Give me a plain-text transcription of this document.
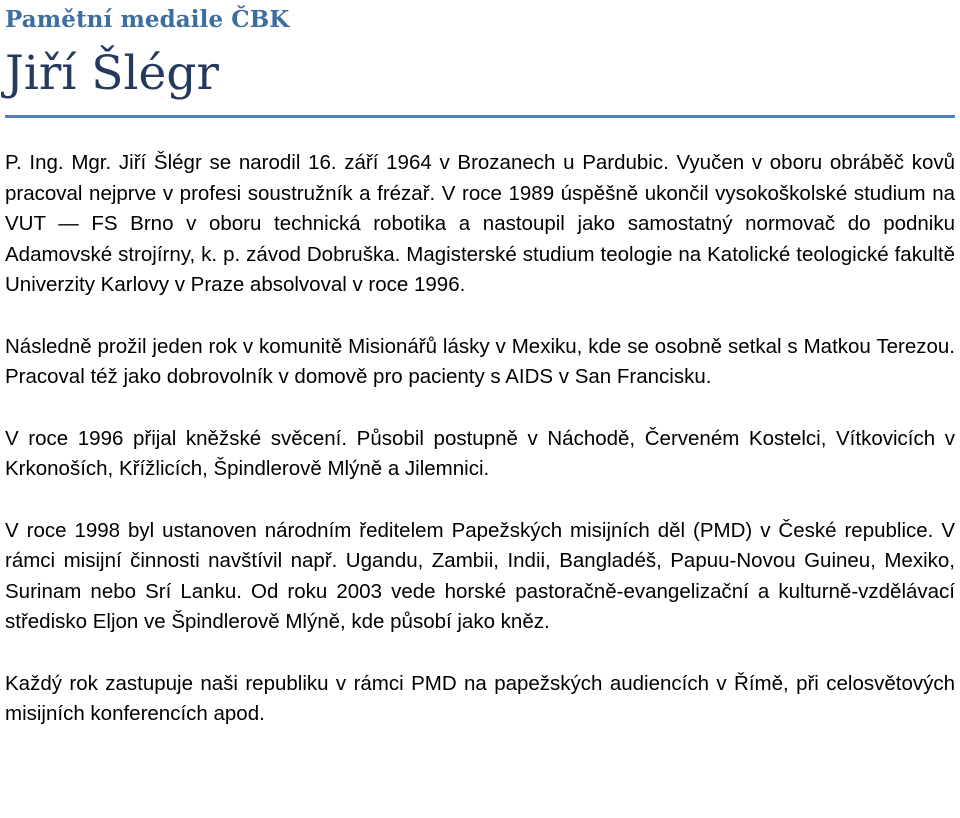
Pamětní medaile ČBK
Jiří Šlégr

P. Ing. Mgr. Jiří Šlégr se narodil 16. září 1964 v Brozanech u Pardubic. Vyučen v oboru obráběč kovů pracoval nejprve v profesi soustružník a frézař. V roce 1989 úspěšně ukončil vysokoškolské studium na VUT — FS Brno v oboru technická robotika a nastoupil jako samostatný normovač do podniku Adamovské strojírny, k. p. závod Dobruška. Magisterské studium teologie na Katolické teologické fakultě Univerzity Karlovy v Praze absolvoval v roce 1996.

Následně prožil jeden rok v komunitě Misionářů lásky v Mexiku, kde se osobně setkal s Matkou Terezou. Pracoval též jako dobrovolník v domově pro pacienty s AIDS v San Francisku.

V roce 1996 přijal kněžské svěcení. Působil postupně v Náchodě, Červeném Kostelci, Vítkovicích v Krkonoších, Křížlicích, Špindlerově Mlýně a Jilemnici.

V roce 1998 byl ustanoven národním ředitelem Papežských misijních děl (PMD) v České republice. V rámci misijní činnosti navštívil např. Ugandu, Zambii, Indii, Bangladéš, Papuu-Novou Guineu, Mexiko, Surinam nebo Srí Lanku. Od roku 2003 vede horské pastoračně-evangelizační a kulturně-vzdělávací středisko Eljon ve Špindlerově Mlýně, kde působí jako kněz.

Každý rok zastupuje naši republiku v rámci PMD na papežských audiencích v Římě, při celosvětových misijních konferencích apod.
